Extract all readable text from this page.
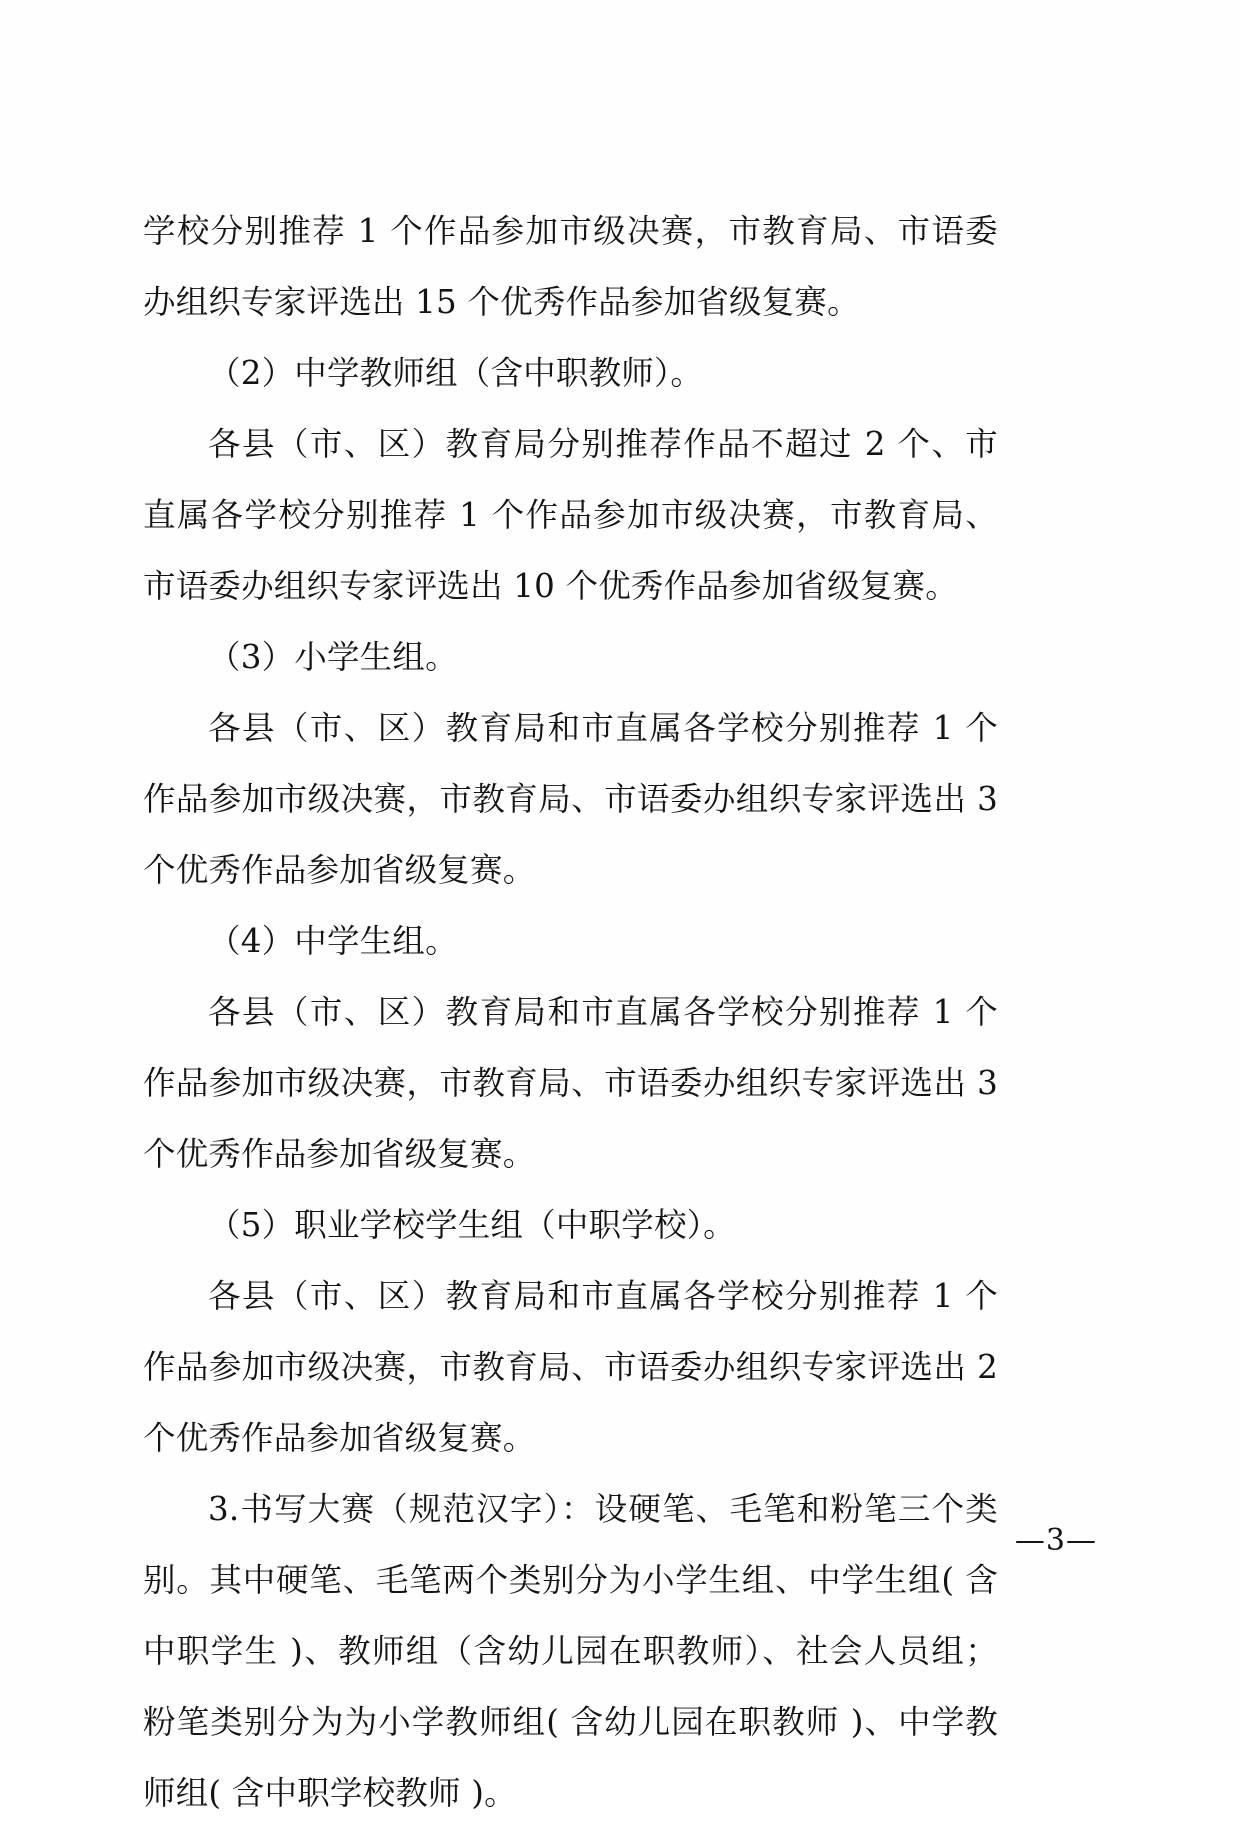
学校分别推荐 1 个作品参加市级决赛，市教育局、市语委办组织专家评选出 15 个优秀作品参加省级复赛。

（2）中学教师组（含中职教师）。

各县（市、区）教育局分别推荐作品不超过 2 个、市直属各学校分别推荐 1 个作品参加市级决赛，市教育局、市语委办组织专家评选出 10 个优秀作品参加省级复赛。

（3）小学生组。

各县（市、区）教育局和市直属各学校分别推荐 1 个作品参加市级决赛，市教育局、市语委办组织专家评选出 3 个优秀作品参加省级复赛。

（4）中学生组。

各县（市、区）教育局和市直属各学校分别推荐 1 个作品参加市级决赛，市教育局、市语委办组织专家评选出 3 个优秀作品参加省级复赛。

（5）职业学校学生组（中职学校）。

各县（市、区）教育局和市直属各学校分别推荐 1 个作品参加市级决赛，市教育局、市语委办组织专家评选出 2 个优秀作品参加省级复赛。

3.书写大赛（规范汉字）：设硬笔、毛笔和粉笔三个类别。其中硬笔、毛笔两个类别分为小学生组、中学生组( 含中职学生 )、教师组（含幼儿园在职教师）、社会人员组；粉笔类别分为为小学教师组( 含幼儿园在职教师 )、中学教师组( 含中职学校教师 )。

—3—
